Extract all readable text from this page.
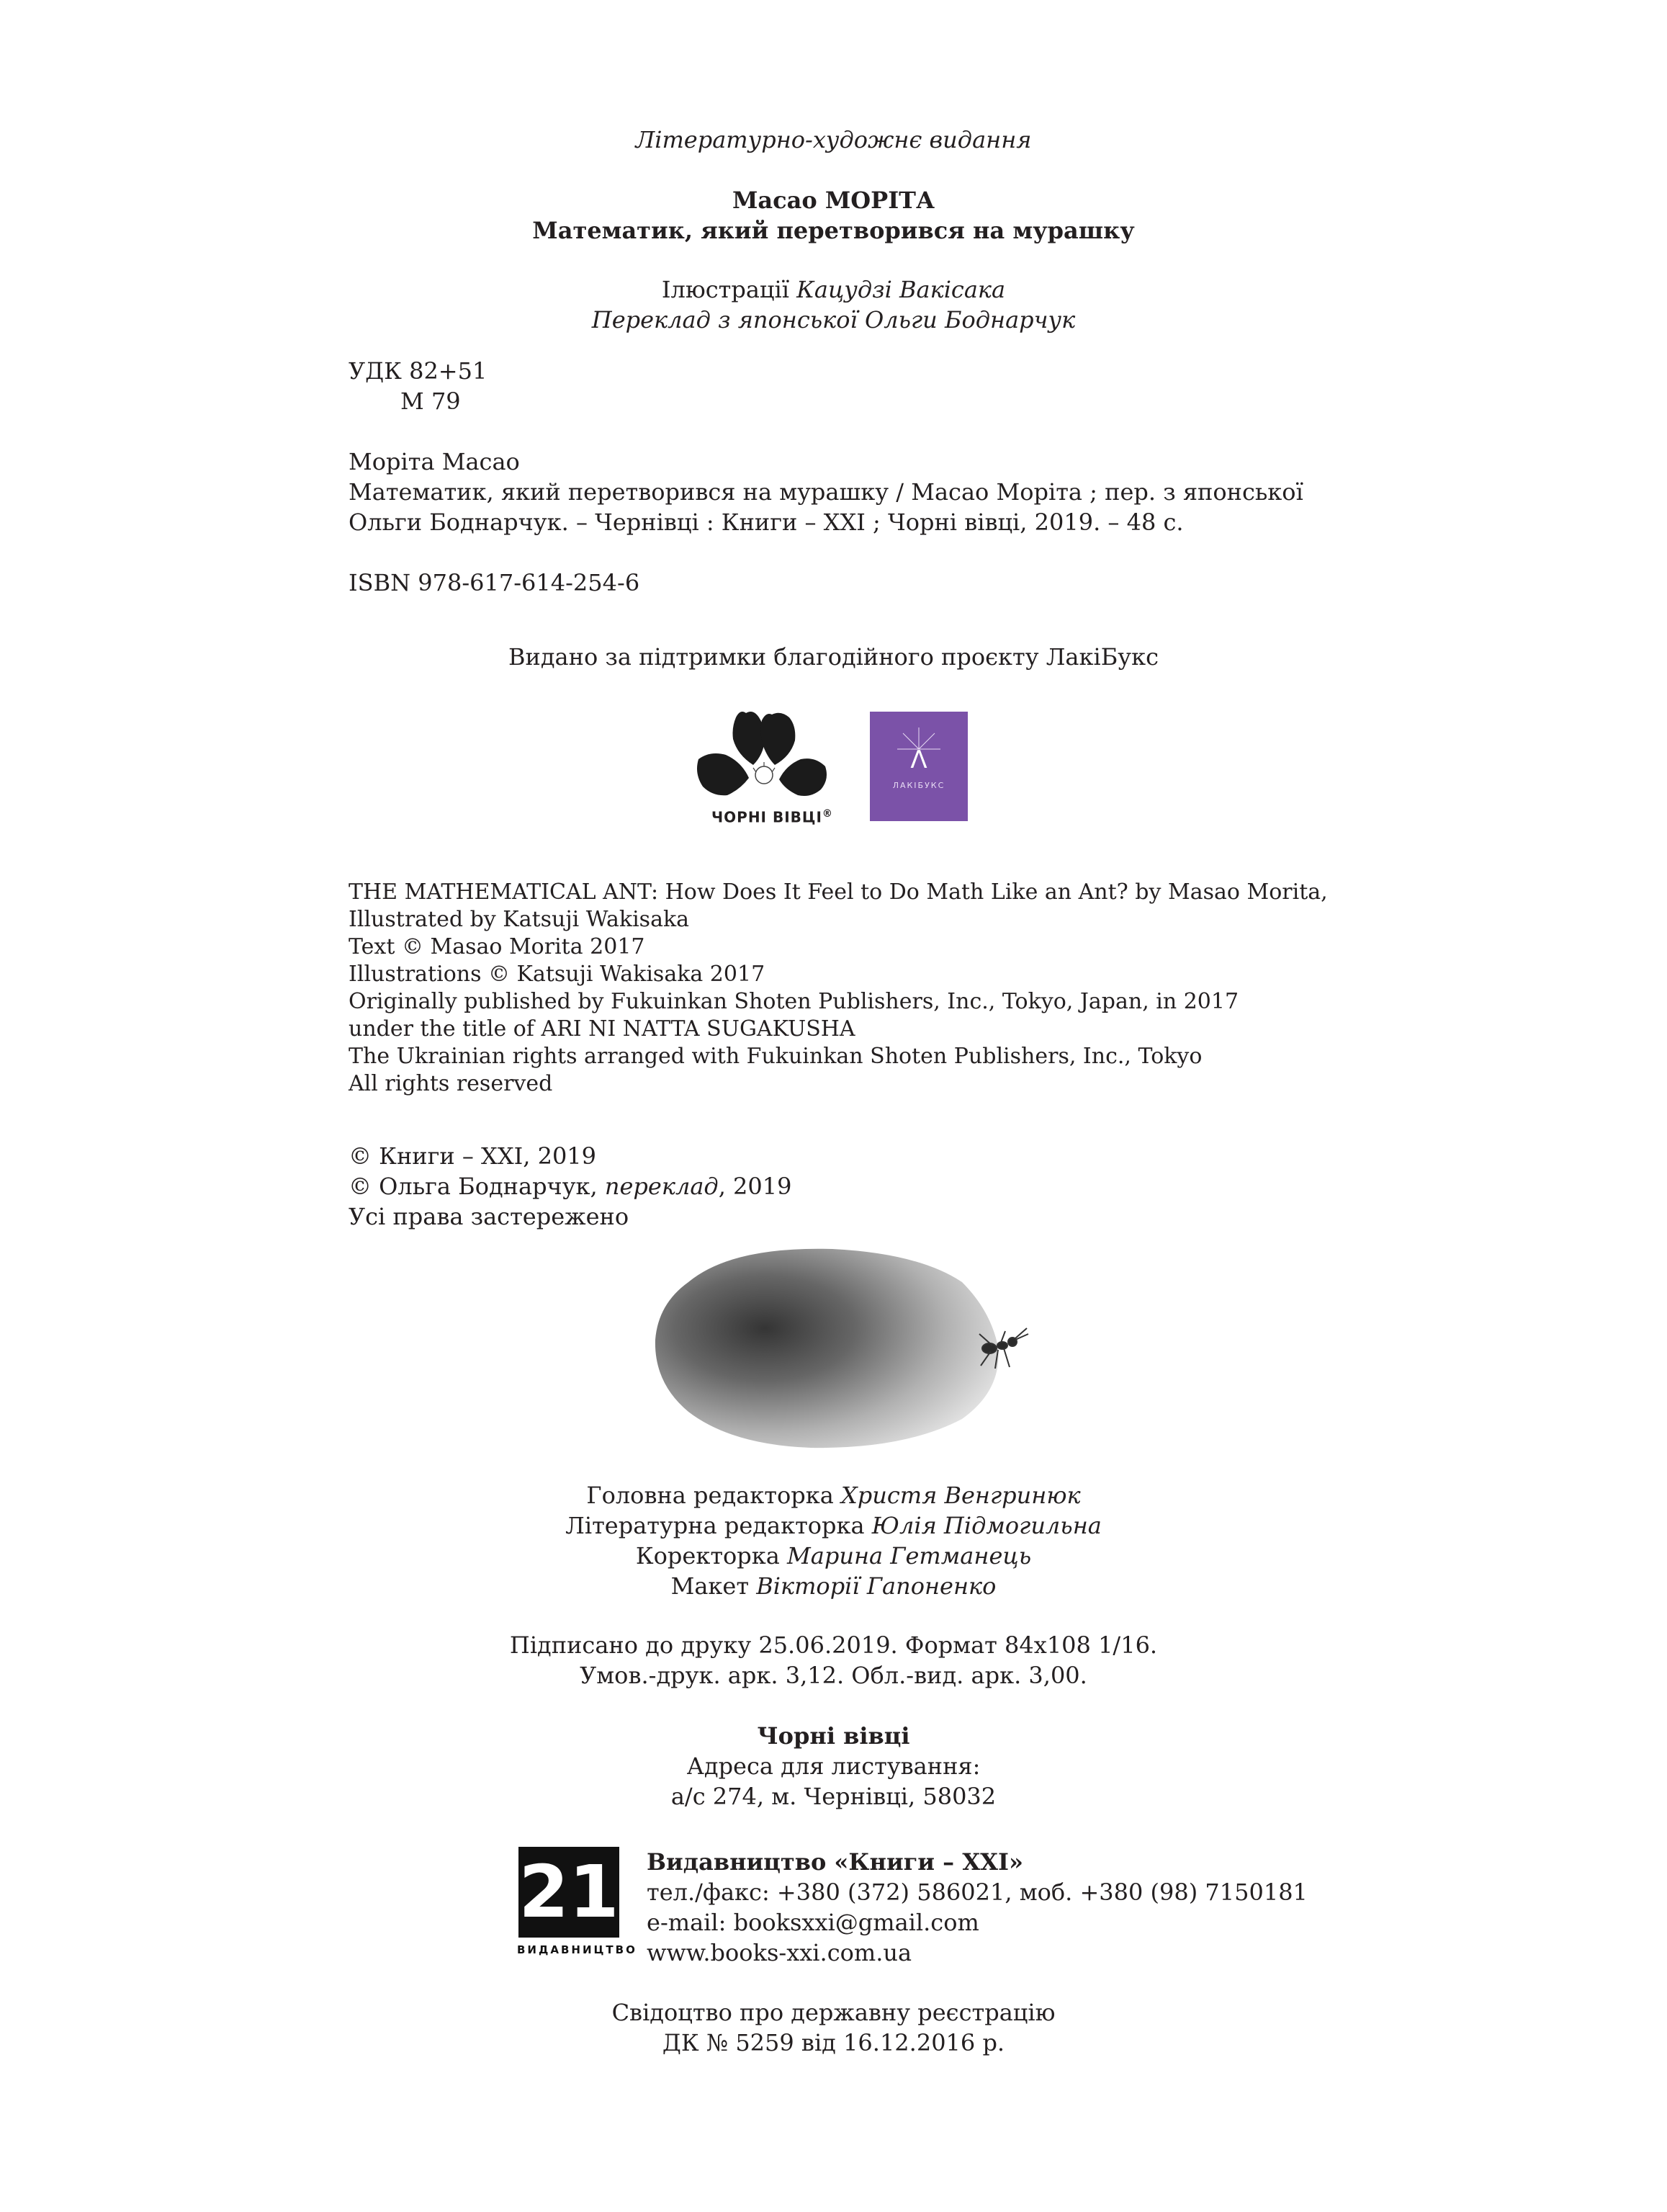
Літературно-художнє видання
Масао МОРІТА
Математик, який перетворився на мурашку
Ілюстрації Кацудзі Вакісака
Переклад з японської Ольги Боднарчук
УДК 82+51
М 79
Моріта Масао
Математик, який перетворився на мурашку / Масао Моріта ; пер. з японської
Ольги Боднарчук. – Чернівці : Книги – ХХІ ; Чорні вівці, 2019. – 48 с.
ISBN 978-617-614-254-6
Видано за підтримки благодійного проєкту ЛакіБукс
ЧОРНІ ВІВЦІ®
Λ
ЛАКІБУКС
THE MATHEMATICAL ANT: How Does It Feel to Do Math Like an Ant? by Masao Morita,
Illustrated by Katsuji Wakisaka
Text © Masao Morita 2017
Illustrations © Katsuji Wakisaka 2017
Originally published by Fukuinkan Shoten Publishers, Inc., Tokyo, Japan, in 2017
under the title of ARI NI NATTA SUGAKUSHA
The Ukrainian rights arranged with Fukuinkan Shoten Publishers, Inc., Tokyo
All rights reserved
© Книги – ХХІ, 2019
© Ольга Боднарчук, переклад, 2019
Усі права застережено
Головна редакторка Христя Венгринюк
Літературна редакторка Юлія Підмогильна
Коректорка Марина Гетманець
Макет Вікторії Гапоненко
Підписано до друку 25.06.2019. Формат 84х108 1/16.
Умов.-друк. арк. 3,12. Обл.-вид. арк. 3,00.
Чорні вівці
Адреса для листування:
а/с 274, м. Чернівці, 58032
21
ВИДАВНИЦТВО
Видавництво «Книги – ХХІ»
тел./факс: +380 (372) 586021, моб. +380 (98) 7150181
e-mail: booksxxi@gmail.com
www.books-xxi.com.ua
Свідоцтво про державну реєстрацію
ДК № 5259 від 16.12.2016 р.
